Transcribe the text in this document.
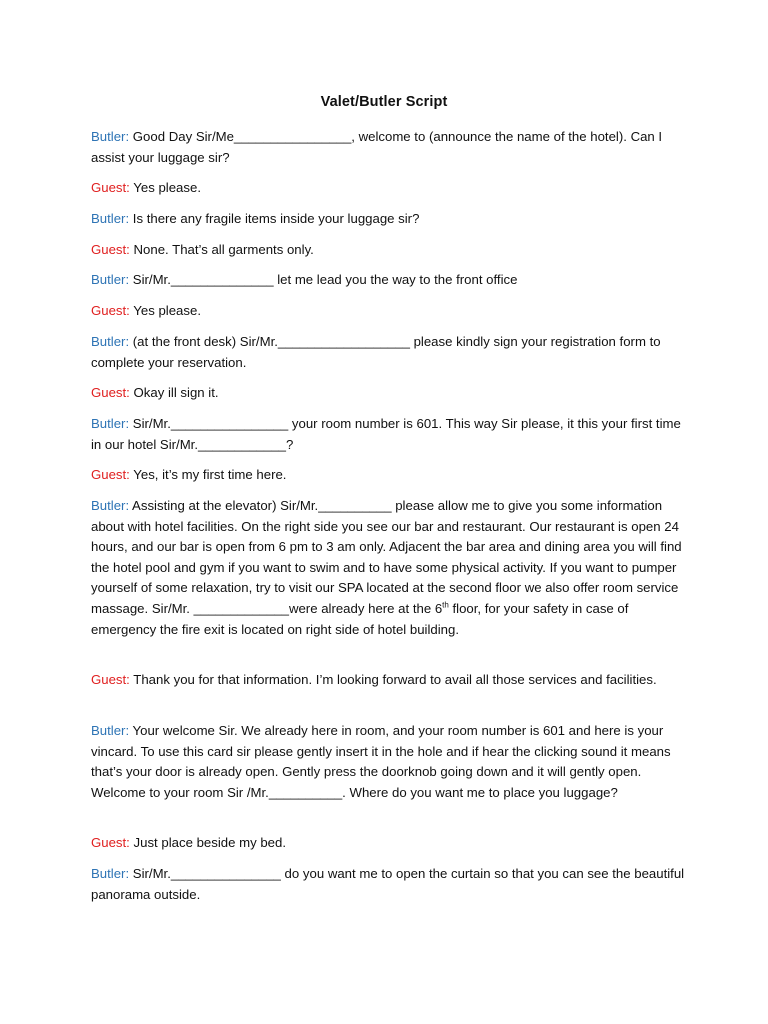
Valet/Butler Script

Butler: Good Day Sir/Me________________, welcome to (announce the name of the hotel). Can I assist your luggage sir?

Guest: Yes please.

Butler: Is there any fragile items inside your luggage sir?

Guest: None. That’s all garments only.

Butler: Sir/Mr.______________ let me lead you the way to the front office

Guest: Yes please.

Butler: (at the front desk) Sir/Mr.__________________ please kindly sign your registration form to complete your reservation.

Guest: Okay ill sign it.

Butler: Sir/Mr.________________ your room number is 601. This way Sir please, it this your first time in our hotel Sir/Mr.____________?

Guest: Yes, it’s my first time here.

Butler: Assisting at the elevator) Sir/Mr.__________ please allow me to give you some information about with hotel facilities. On the right side you see our bar and restaurant. Our restaurant is open 24 hours, and our bar is open from 6 pm to 3 am only. Adjacent the bar area and dining area you will find the hotel pool and gym if you want to swim and to have some physical activity. If you want to pumper yourself of some relaxation, try to visit our SPA located at the second floor we also offer room service massage. Sir/Mr. _____________were already here at the 6th floor, for your safety in case of emergency the fire exit is located on right side of hotel building.

Guest: Thank you for that information. I’m looking forward to avail all those services and facilities.

Butler: Your welcome Sir. We already here in room, and your room number is 601 and here is your vincard. To use this card sir please gently insert it in the hole and if hear the clicking sound it means that’s your door is already open. Gently press the doorknob going down and it will gently open. Welcome to your room Sir /Mr.__________. Where do you want me to place you luggage?

Guest: Just place beside my bed.

Butler: Sir/Mr._______________ do you want me to open the curtain so that you can see the beautiful panorama outside.
